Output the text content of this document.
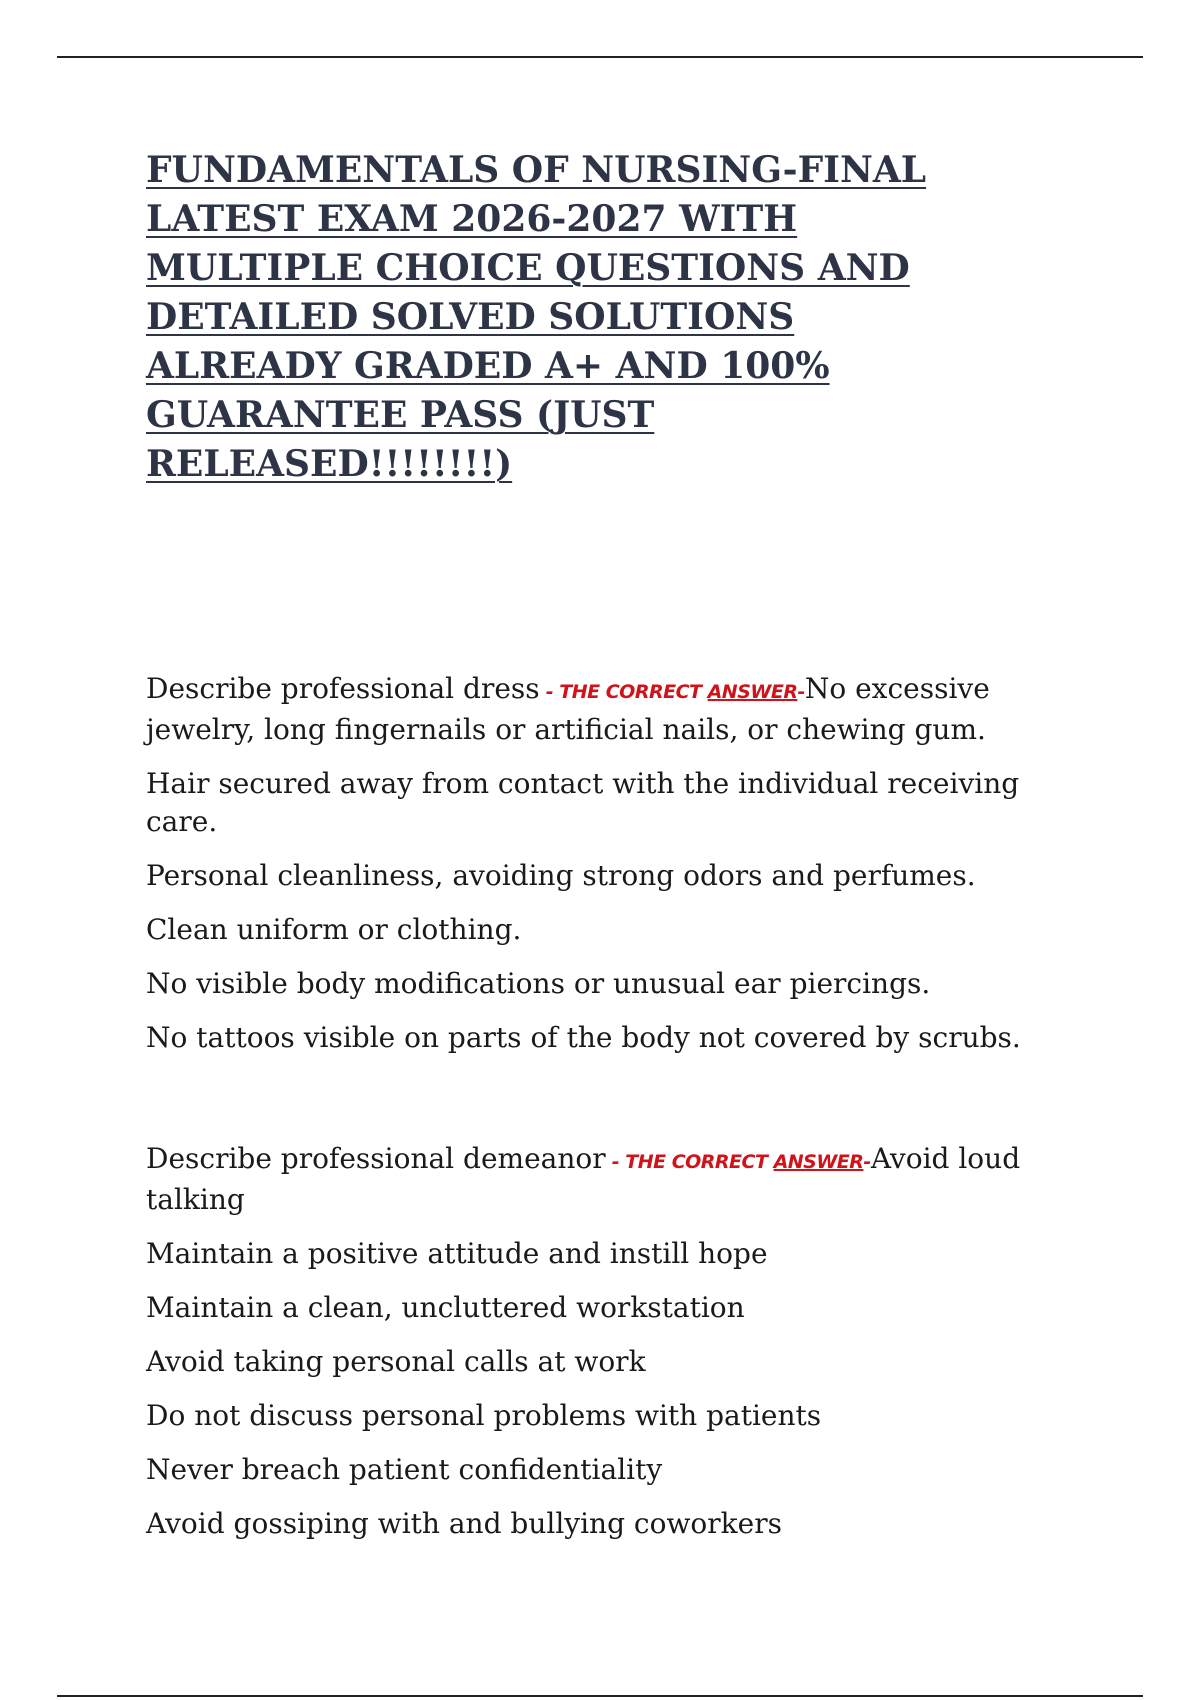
FUNDAMENTALS OF NURSING-FINAL
LATEST EXAM 2026-2027 WITH
MULTIPLE CHOICE QUESTIONS AND
DETAILED SOLVED SOLUTIONS
ALREADY GRADED A+ AND 100%
GUARANTEE PASS (JUST
RELEASED!!!!!!!!)

Describe professional dress - THE CORRECT ANSWER-No excessive jewelry, long fingernails or artificial nails, or chewing gum.

Hair secured away from contact with the individual receiving care.

Personal cleanliness, avoiding strong odors and perfumes.

Clean uniform or clothing.

No visible body modifications or unusual ear piercings.

No tattoos visible on parts of the body not covered by scrubs.

Describe professional demeanor - THE CORRECT ANSWER-Avoid loud talking

Maintain a positive attitude and instill hope

Maintain a clean, uncluttered workstation

Avoid taking personal calls at work

Do not discuss personal problems with patients

Never breach patient confidentiality

Avoid gossiping with and bullying coworkers
